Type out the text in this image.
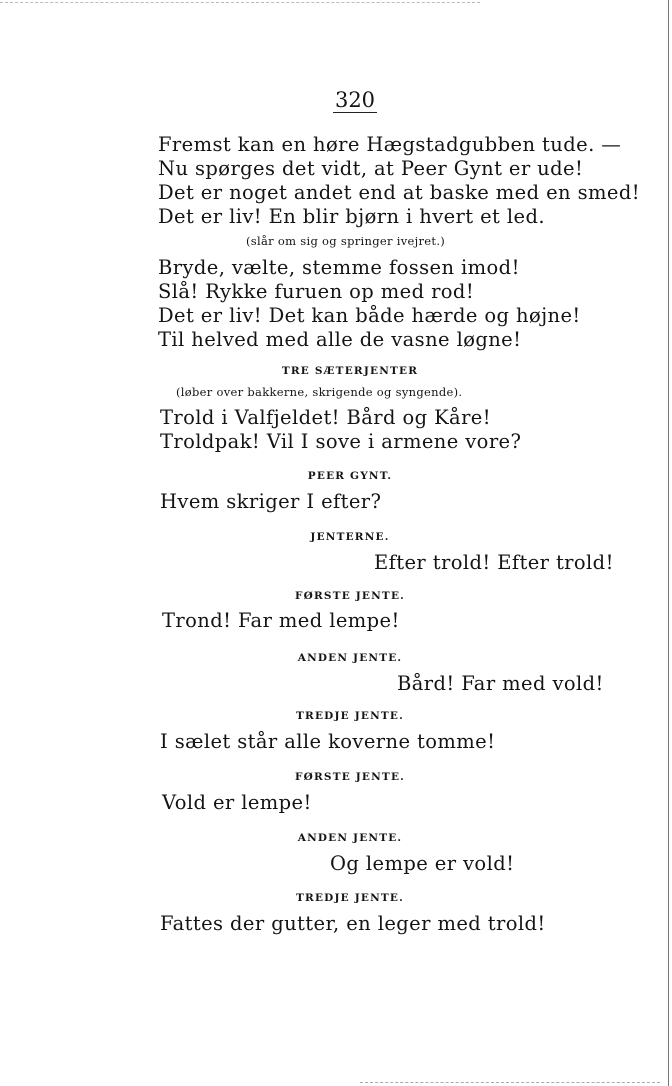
320
Fremst kan en høre Hægstadgubben tude. —
Nu spørges det vidt, at Peer Gynt er ude!
Det er noget andet end at baske med en smed!
Det er liv! En blir bjørn i hvert et led.
(slår om sig og springer ivejret.)
Bryde, vælte, stemme fossen imod!
Slå! Rykke furuen op med rod!
Det er liv! Det kan både hærde og højne!
Til helved med alle de vasne løgne!
TRE SÆTERJENTER
(løber over bakkerne, skrigende og syngende).
Trold i Valfjeldet! Bård og Kåre!
Troldpak! Vil I sove i armene vore?
PEER GYNT.
Hvem skriger I efter?
JENTERNE.
Efter trold! Efter trold!
FØRSTE JENTE.
Trond! Far med lempe!
ANDEN JENTE.
Bård! Far med vold!
TREDJE JENTE.
I sælet står alle koverne tomme!
FØRSTE JENTE.
Vold er lempe!
ANDEN JENTE.
Og lempe er vold!
TREDJE JENTE.
Fattes der gutter, en leger med trold!
